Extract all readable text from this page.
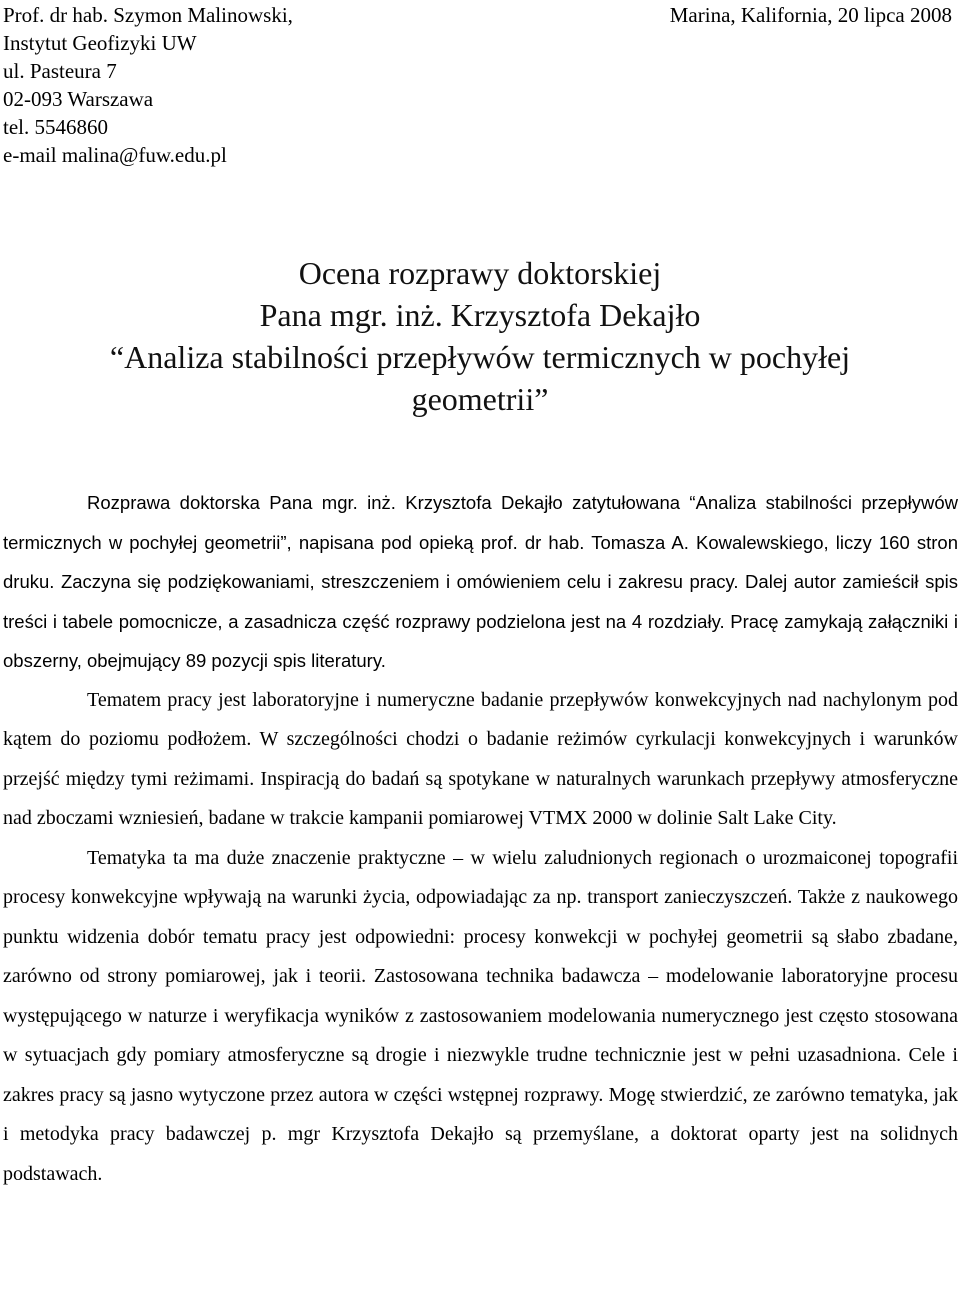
Prof. dr hab. Szymon Malinowski,
Instytut Geofizyki UW
ul. Pasteura 7
02-093 Warszawa
tel. 5546860
e-mail malina@fuw.edu.pl
Marina, Kalifornia, 20 lipca 2008
Ocena rozprawy doktorskiej
Pana mgr. inż. Krzysztofa Dekajło
“Analiza stabilności przepływów termicznych w pochyłej
geometrii”

Rozprawa doktorska Pana mgr. inż. Krzysztofa Dekajło zatytułowana “Analiza stabilności przepływów termicznych w pochyłej geometrii”, napisana pod opieką prof. dr hab. Tomasza A. Kowalewskiego, liczy 160 stron druku. Zaczyna się podziękowaniami, streszczeniem i omówieniem celu i zakresu pracy. Dalej autor zamieścił spis treści i tabele pomocnicze, a zasadnicza część rozprawy podzielona jest na 4 rozdziały. Pracę zamykają załączniki i obszerny, obejmujący 89 pozycji spis literatury.

Tematem pracy jest laboratoryjne i numeryczne badanie przepływów konwekcyjnych nad nachylonym pod kątem do poziomu podłożem. W szczególności chodzi o badanie reżimów cyrkulacji konwekcyjnych i warunków przejść między tymi reżimami. Inspiracją do badań są spotykane w naturalnych warunkach przepływy atmosferyczne nad zboczami wzniesień, badane w trakcie kampanii pomiarowej VTMX 2000 w dolinie Salt Lake City.

Tematyka ta ma duże znaczenie praktyczne – w wielu zaludnionych regionach o urozmaiconej topografii procesy konwekcyjne wpływają na warunki życia, odpowiadając za np. transport zanieczyszczeń. Także z naukowego punktu widzenia dobór tematu pracy jest odpowiedni: procesy konwekcji w pochyłej geometrii są słabo zbadane, zarówno od strony pomiarowej, jak i teorii. Zastosowana technika badawcza – modelowanie laboratoryjne procesu występującego w naturze i weryfikacja wyników z zastosowaniem modelowania numerycznego jest często stosowana w sytuacjach gdy pomiary atmosferyczne są drogie i niezwykle trudne technicznie jest w pełni uzasadniona. Cele i zakres pracy są jasno wytyczone przez autora w części wstępnej rozprawy. Mogę stwierdzić, ze zarówno tematyka, jak i metodyka pracy badawczej p. mgr Krzysztofa Dekajło są przemyślane, a doktorat oparty jest na solidnych podstawach.
